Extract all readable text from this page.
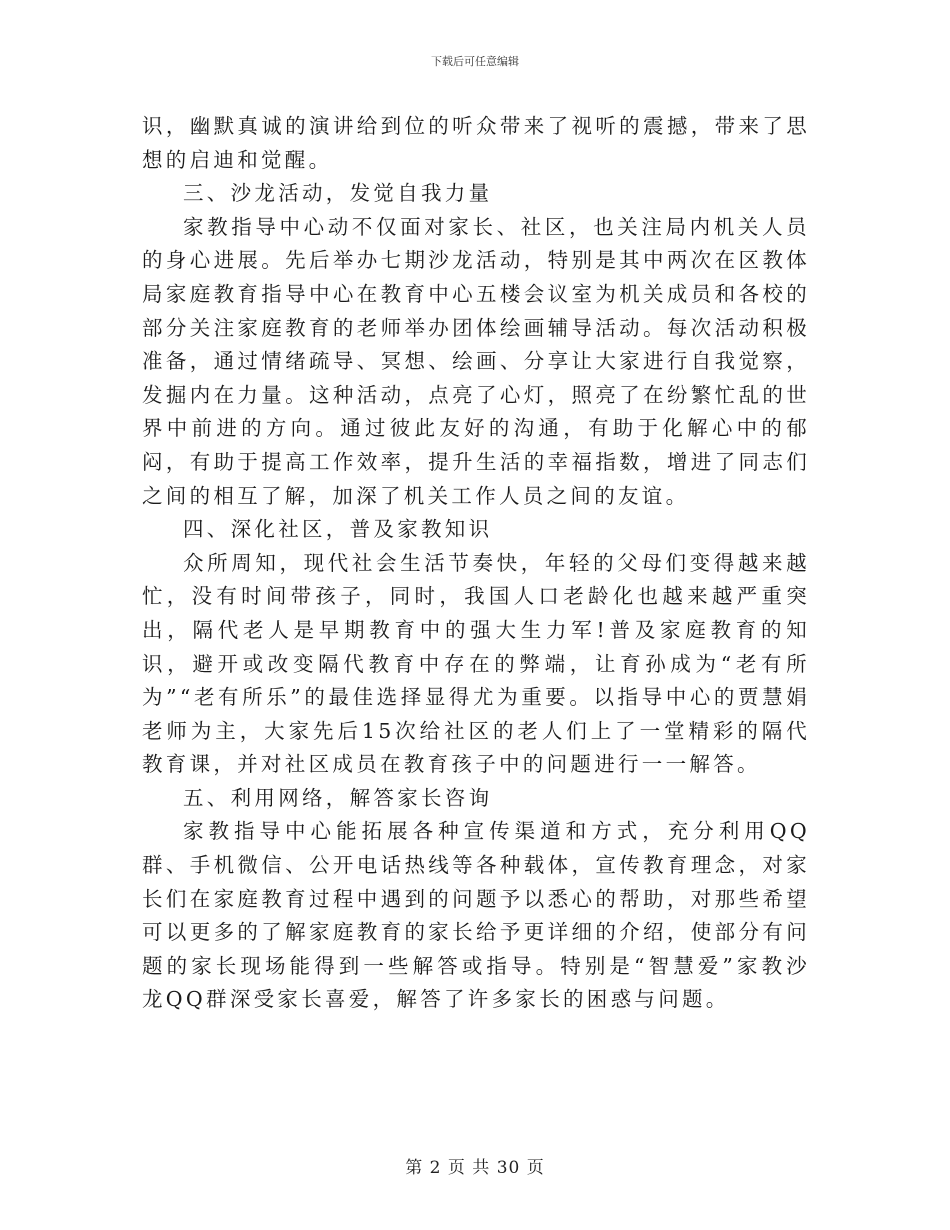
下载后可任意编辑

识，幽默真诚的演讲给到位的听众带来了视听的震撼，带来了思想的启迪和觉醒。

三、沙龙活动，发觉自我力量

家教指导中心动不仅面对家长、社区，也关注局内机关人员的身心进展。先后举办七期沙龙活动，特别是其中两次在区教体局家庭教育指导中心在教育中心五楼会议室为机关成员和各校的部分关注家庭教育的老师举办团体绘画辅导活动。每次活动积极准备，通过情绪疏导、冥想、绘画、分享让大家进行自我觉察，发掘内在力量。这种活动，点亮了心灯，照亮了在纷繁忙乱的世界中前进的方向。通过彼此友好的沟通，有助于化解心中的郁闷，有助于提高工作效率，提升生活的幸福指数，增进了同志们之间的相互了解，加深了机关工作人员之间的友谊。

四、深化社区，普及家教知识

众所周知，现代社会生活节奏快，年轻的父母们变得越来越忙，没有时间带孩子，同时，我国人口老龄化也越来越严重突出，隔代老人是早期教育中的强大生力军!普及家庭教育的知识，避开或改变隔代教育中存在的弊端，让育孙成为“老有所为”“老有所乐”的最佳选择显得尤为重要。以指导中心的贾慧娟老师为主，大家先后15次给社区的老人们上了一堂精彩的隔代教育课，并对社区成员在教育孩子中的问题进行一一解答。

五、利用网络，解答家长咨询

家教指导中心能拓展各种宣传渠道和方式，充分利用QQ群、手机微信、公开电话热线等各种载体，宣传教育理念，对家长们在家庭教育过程中遇到的问题予以悉心的帮助，对那些希望可以更多的了解家庭教育的家长给予更详细的介绍，使部分有问题的家长现场能得到一些解答或指导。特别是“智慧爱”家教沙龙QQ群深受家长喜爱，解答了许多家长的困惑与问题。

第 2 页 共 30 页
